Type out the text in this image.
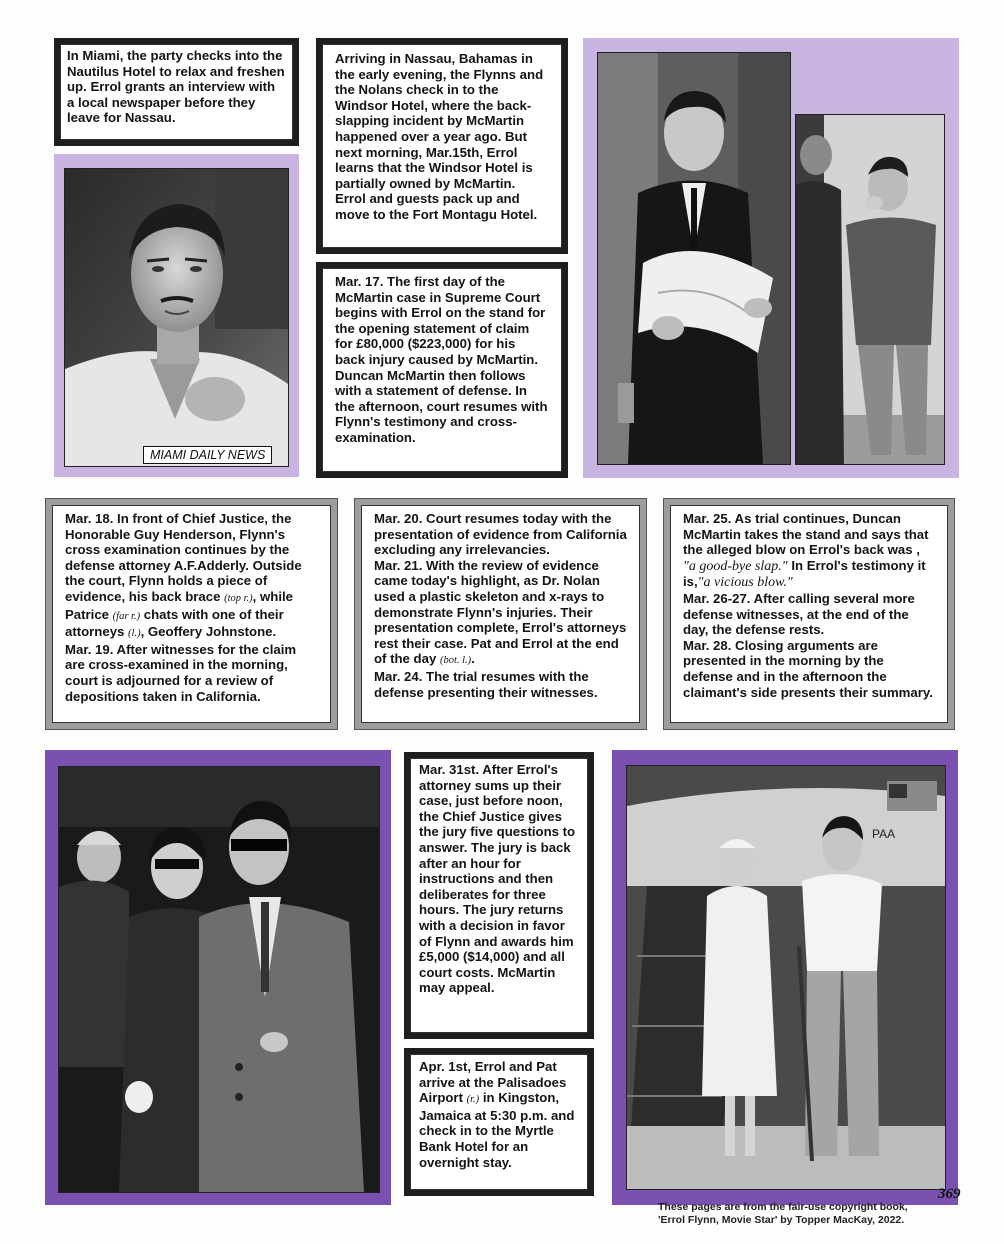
In Miami, the party checks into the Nautilus Hotel to relax and freshen up. Errol grants an interview with a local newspaper before they leave for Nassau.

MIAMI DAILY NEWS

Arriving in Nassau, Bahamas in the early evening, the Flynns and the Nolans check in to the Windsor Hotel, where the back-slapping incident by McMartin happened over a year ago. But next morning, Mar.15th, Errol learns that the Windsor Hotel is partially owned by McMartin. Errol and guests pack up and move to the Fort Montagu Hotel.

Mar. 17. The first day of the McMartin case in Supreme Court begins with Errol on the stand for the opening statement of claim for £80,000 ($223,000) for his back injury caused by McMartin. Duncan McMartin then follows with a statement of defense. In the afternoon, court resumes with Flynn's testimony and cross-examination.

Mar. 18. In front of Chief Justice, the Honorable Guy Henderson, Flynn's cross examination continues by the defense attorney A.F.Adderly. Outside the court, Flynn holds a piece of evidence, his back brace (top r.), while Patrice (far r.) chats with one of their attorneys (l.), Geoffery Johnstone.

Mar. 19. After witnesses for the claim are cross-examined in the morning, court is adjourned for a review of depositions taken in California.

Mar. 20. Court resumes today with the presentation of evidence from California excluding any irrelevancies.

Mar. 21. With the review of evidence came today's highlight, as Dr. Nolan used a plastic skeleton and x-rays to demonstrate Flynn's injuries. Their presentation complete, Errol's attorneys rest their case. Pat and Errol at the end of the day (bot. l.).

Mar. 24. The trial resumes with the defense presenting their witnesses.

Mar. 25. As trial continues, Duncan McMartin takes the stand and says that the alleged blow on Errol's back was , "a good-bye slap." In Errol's testimony it is,"a vicious blow."

Mar. 26-27. After calling several more defense witnesses, at the end of the day, the defense rests.

Mar. 28. Closing arguments are presented in the morning by the defense and in the afternoon the claimant's side presents their summary.

Mar. 31st. After Errol's attorney sums up their case, just before noon, the Chief Justice gives the jury five questions to answer. The jury is back after an hour for instructions and then deliberates for three hours. The jury returns with a decision in favor of Flynn and awards him £5,000 ($14,000) and all court costs. McMartin may appeal.

Apr. 1st, Errol and Pat arrive at the Palisadoes Airport (r.) in Kingston, Jamaica at 5:30 p.m. and check in to the Myrtle Bank Hotel for an overnight stay.

PAA
369
These pages are from the fair-use copyright book,
'Errol Flynn, Movie Star' by Topper MacKay, 2022.
